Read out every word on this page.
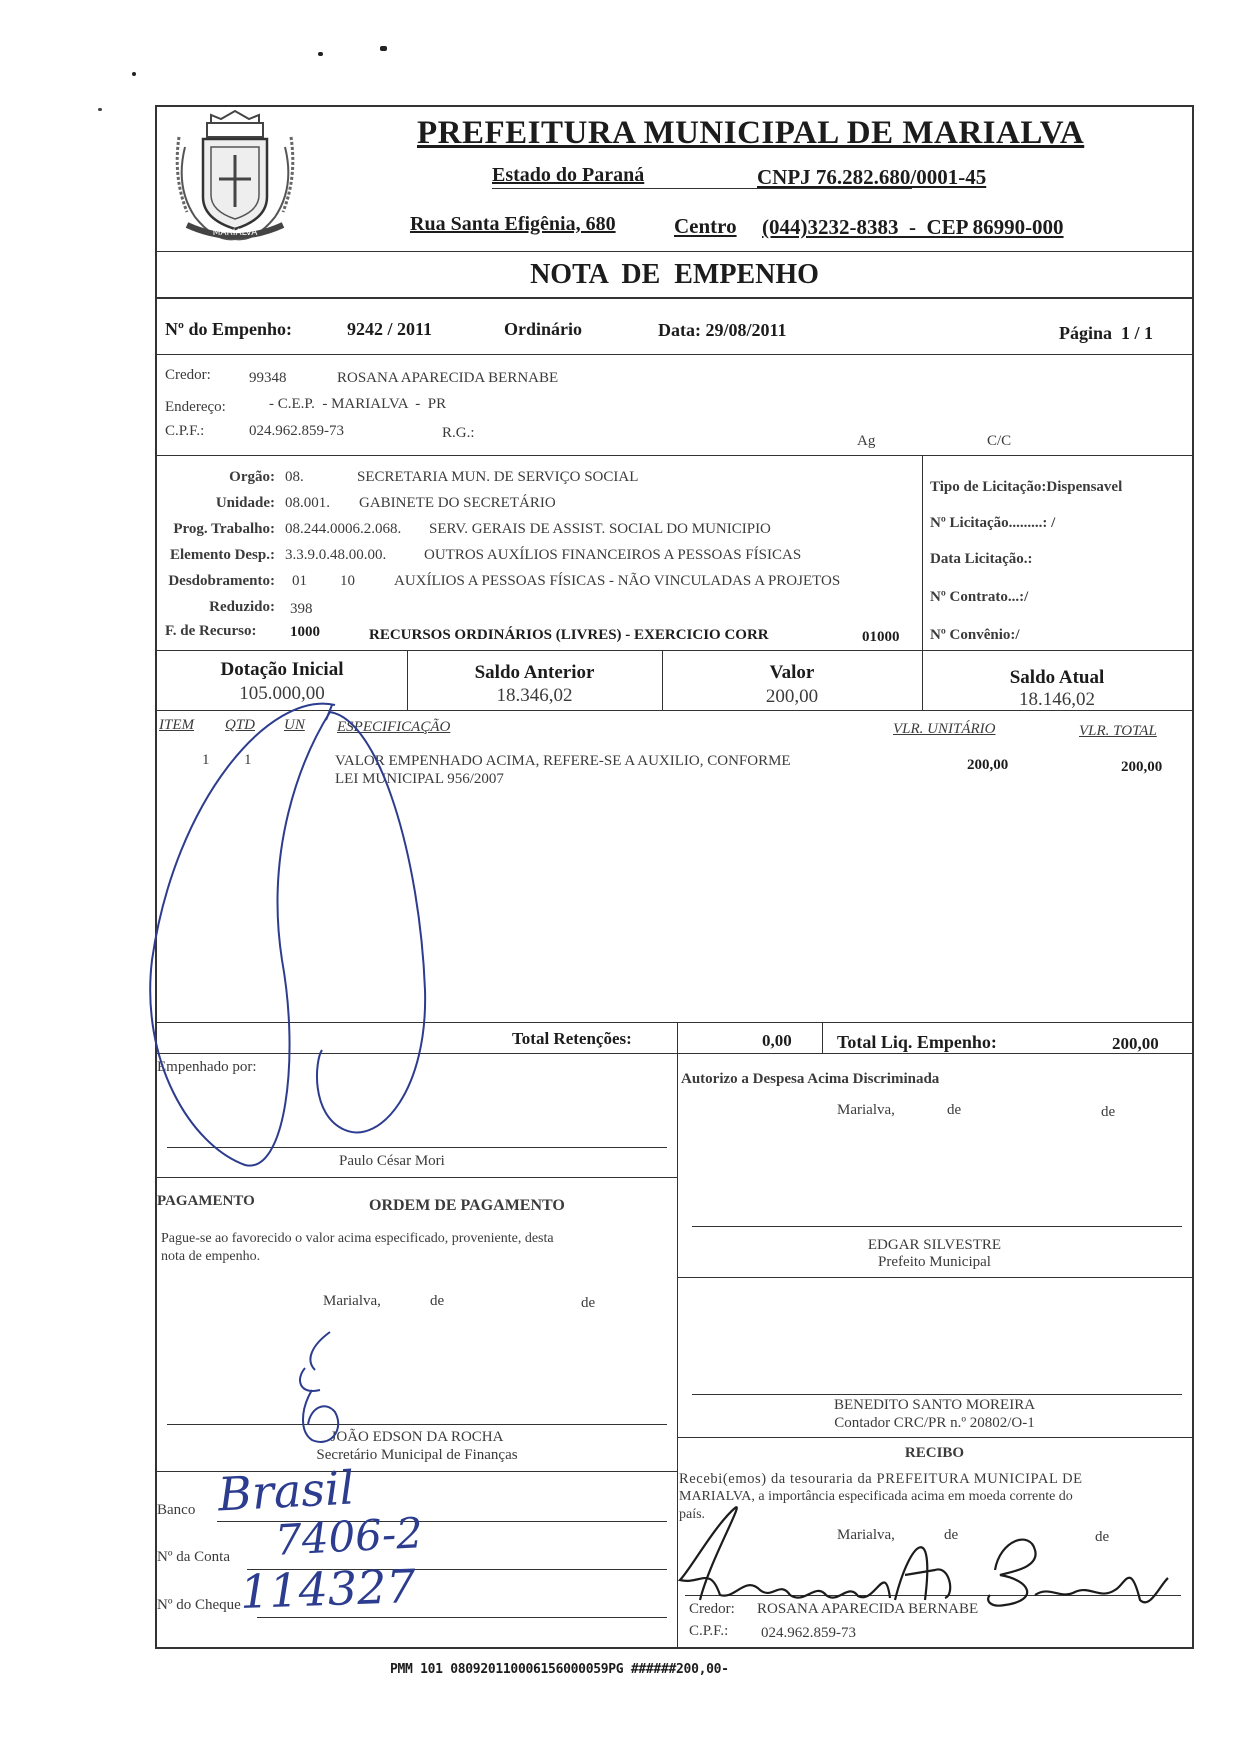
MARIALVA
PREFEITURA MUNICIPAL DE MARIALVA
Estado do Paraná	CNPJ 76.282.680/0001-45
Rua Santa Efigênia, 680	Centro (044)3232-8383  -  CEP 86990-000
NOTA  DE  EMPENHO
Nº do Empenho:	9242 / 2011	Ordinário	Data: 29/08/2011	Página  1 / 1
Credor:	99348	ROSANA APARECIDA BERNABE
Endereço:	- C.E.P.  - MARIALVA  -  PR
C.P.F.:	024.962.859-73	R.G.:	Ag	C/C
Orgão: 08.	SECRETARIA MUN. DE SERVIÇO SOCIAL
Unidade: 08.001. GABINETE DO SECRETÁRIO
Prog. Trabalho: 08.244.0006.2.068. SERV. GERAIS DE ASSIST. SOCIAL DO MUNICIPIO
Elemento Desp.: 3.3.9.0.48.00.00.	OUTROS AUXÍLIOS FINANCEIROS A PESSOAS FÍSICAS
Desdobramento: 01 10	AUXÍLIOS A PESSOAS FÍSICAS - NÃO VINCULADAS A PROJETOS
Reduzido: 398
F. de Recurso: 1000	RECURSOS ORDINÁRIOS (LIVRES) - EXERCICIO CORR	01000
Tipo de Licitação:Dispensavel
Nº Licitação.........: /
Data Licitação.:
Nº Contrato...:/
Nº Convênio:/
Dotação Inicial
105.000,00
Saldo Anterior
18.346,02
Valor
200,00
Saldo Atual
18.146,02
ITEM QTD UN ESPECIFICAÇÃO	VLR. UNITÁRIO	VLR. TOTAL
1 1	VALOR EMPENHADO ACIMA, REFERE-SE A AUXILIO, CONFORME
LEI MUNICIPAL 956/2007
200,00	200,00
Total Retenções:	0,00	Total Liq. Empenho:	200,00
Empenhado por:
Paulo César Mori
Autorizo a Despesa Acima Discriminada
Marialva,	de	de
EDGAR SILVESTRE
Prefeito Municipal
PAGAMENTO	ORDEM DE PAGAMENTO
Pague-se ao favorecido o valor acima especificado, proveniente, desta
nota de empenho.
Marialva,	de	de
JOÃO EDSON DA ROCHA
Secretário Municipal de Finanças
BENEDITO SANTO MOREIRA
Contador CRC/PR n.º 20802/O-1
Banco
Nº da Conta
Nº do Cheque
RECIBO
Recebi(emos) da tesouraria da PREFEITURA MUNICIPAL DE
MARIALVA, a importância especificada acima em moeda corrente do
país.
Marialva,	de	de
Credor: ROSANA APARECIDA BERNABE
C.P.F.: 024.962.859-73
Brasil
7406-2
114327
PMM 101 080920110006156000059PG ######200,00-
